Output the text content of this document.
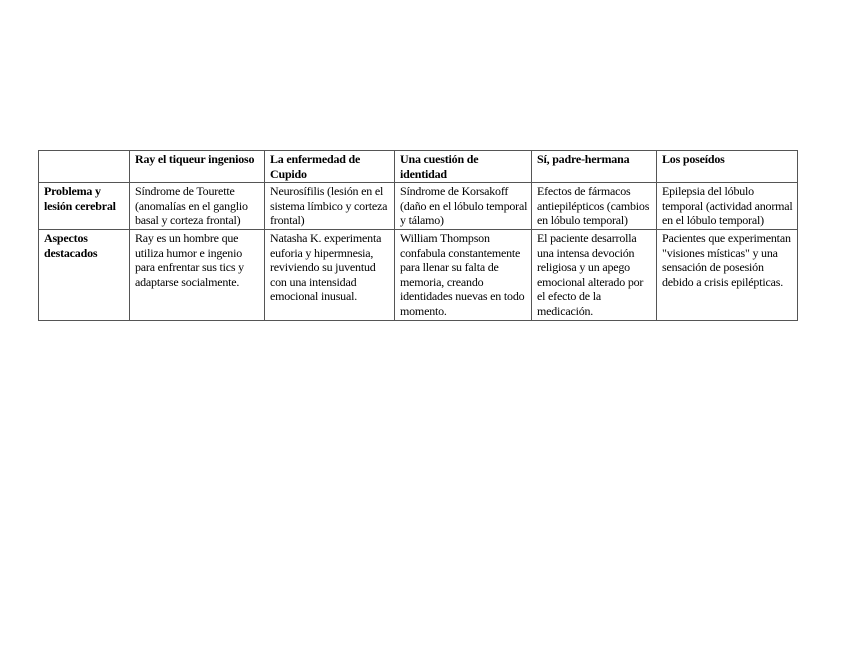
	Ray el tiqueur ingenioso	La enfermedad de Cupido	Una cuestión de identidad	Sí, padre-hermana	Los poseídos
Problema y lesión cerebral	Síndrome de Tourette (anomalías en el ganglio basal y corteza frontal)	Neurosífilis (lesión en el sistema límbico y corteza frontal)	Síndrome de Korsakoff (daño en el lóbulo temporal y tálamo)	Efectos de fármacos antiepilépticos (cambios en lóbulo temporal)	Epilepsia del lóbulo temporal (actividad anormal en el lóbulo temporal)
Aspectos destacados	Ray es un hombre que utiliza humor e ingenio para enfrentar sus tics y adaptarse socialmente.	Natasha K. experimenta euforia y hipermnesia, reviviendo su juventud con una intensidad emocional inusual.	William Thompson confabula constantemente para llenar su falta de memoria, creando identidades nuevas en todo momento.	El paciente desarrolla una intensa devoción religiosa y un apego emocional alterado por el efecto de la medicación.	Pacientes que experimentan "visiones místicas" y una sensación de posesión debido a crisis epilépticas.
